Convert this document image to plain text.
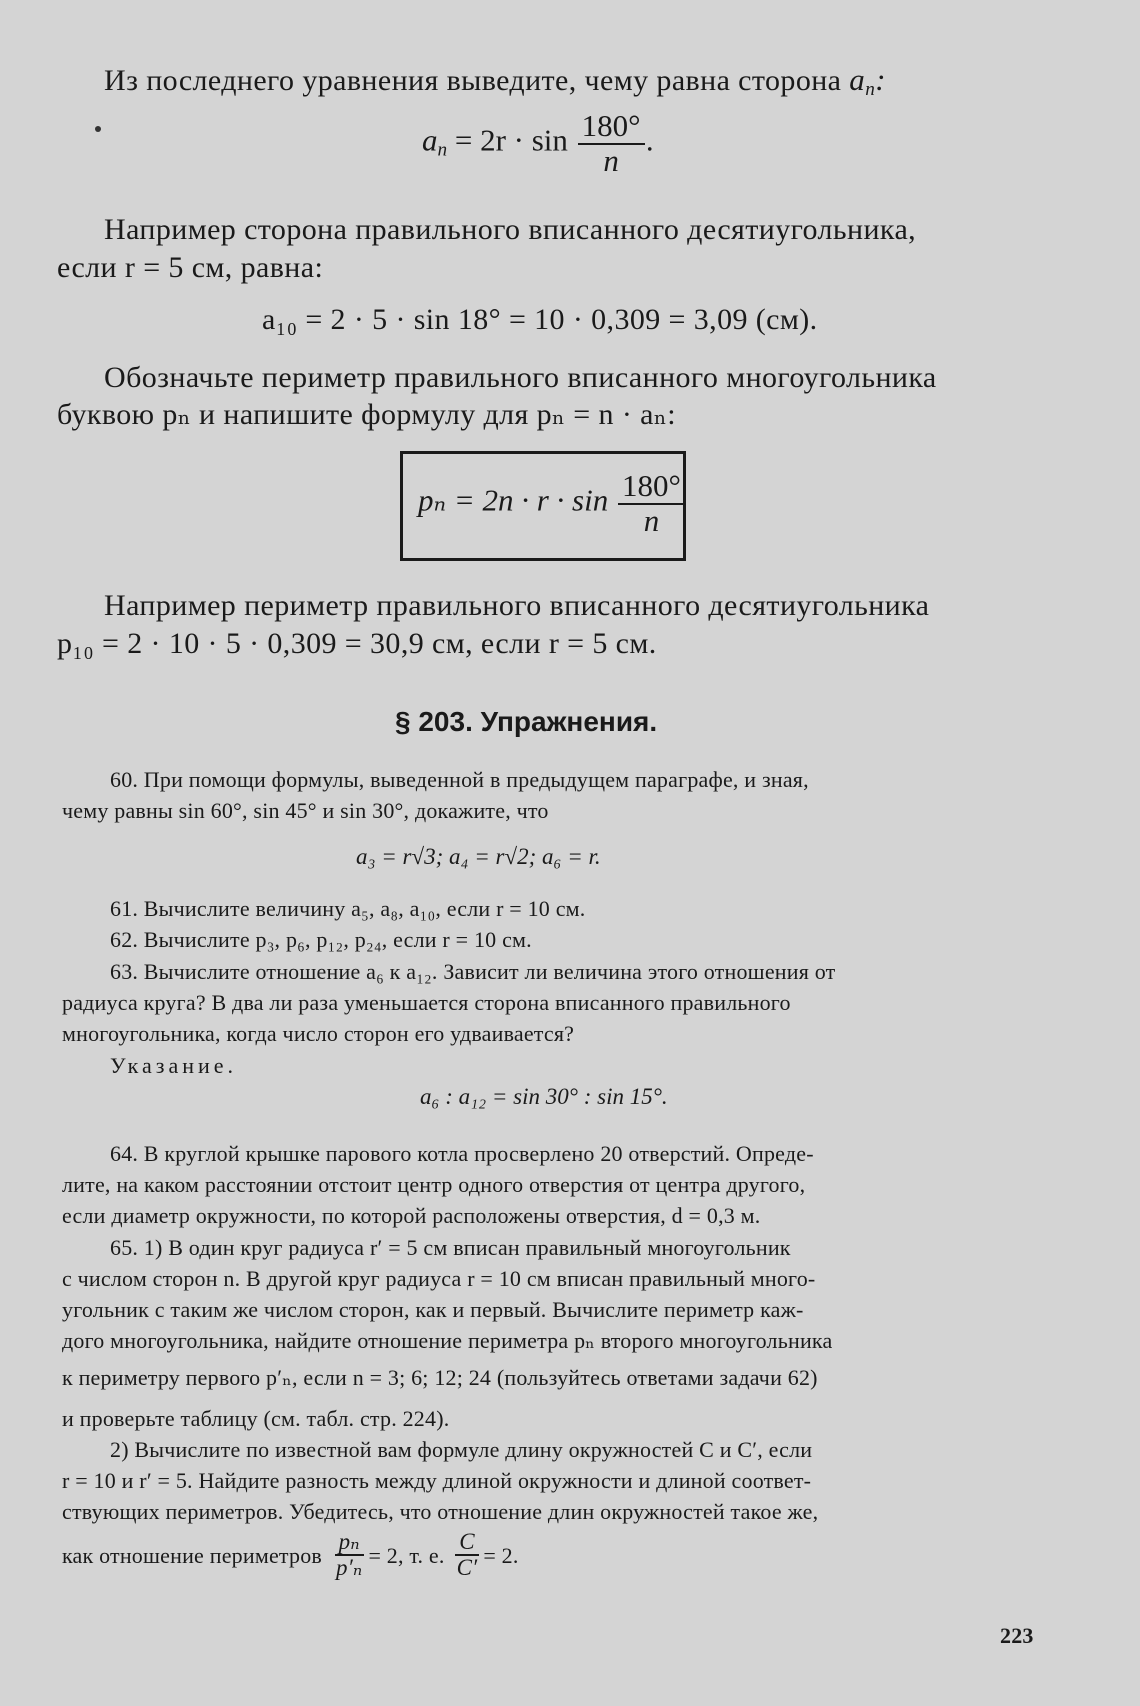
Из последнего уравнения выведите, чему равна сторона $a_n$:
$a_n = 2r \cdot \sin \frac{180^\circ}{n}$ .
Например сторона правильного вписанного десятиугольника,
если r = 5 см, равна:
a₁₀ = 2 · 5 · sin 18° = 10 · 0,309 = 3,09 (см).
Обозначьте периметр правильного вписанного многоугольника
буквою pₙ и напишите формулу для pₙ = n · aₙ:
$p_n = 2n \cdot r \cdot \sin \frac{180^\circ}{n}$
Например периметр правильного вписанного десятиугольника
p₁₀ = 2 · 10 · 5 · 0,309 = 30,9 см, если r = 5 см.
§ 203. Упражнения.
60. При помощи формулы, выведенной в предыдущем параграфе, и зная,
чему равны sin 60°, sin 45° и sin 30°, докажите, что
a₃ = r√3; a₄ = r√2; a₆ = r.
61. Вычислите величину a₅, a₈, a₁₀, если r = 10 см.
62. Вычислите p₃, p₆, p₁₂, p₂₄, если r = 10 см.
63. Вычислите отношение a₆ к a₁₂. Зависит ли величина этого отношения от
радиуса круга? В два ли раза уменьшается сторона вписанного правильного
многоугольника, когда число сторон его удваивается?
Указание.
a₆ : a₁₂ = sin 30° : sin 15°.
64. В круглой крышке парового котла просверлено 20 отверстий. Опреде-
лите, на каком расстоянии отстоит центр одного отверстия от центра другого,
если диаметр окружности, по которой расположены отверстия, d = 0,3 м.
65. 1) В один круг радиуса r′ = 5 см вписан правильный многоугольник
с числом сторон n. В другой круг радиуса r = 10 см вписан правильный много-
угольник с таким же числом сторон, как и первый. Вычислите периметр каж-
дого многоугольника, найдите отношение периметра pₙ второго многоугольника
к периметру первого p′ₙ, если n = 3; 6; 12; 24 (пользуйтесь ответами задачи 62)
и проверьте таблицу (см. табл. стр. 224).
2) Вычислите по известной вам формуле длину окружностей C и C′, если
r = 10 и r′ = 5. Найдите разность между длиной окружности и длиной соответ-
ствующих периметров. Убедитесь, что отношение длин окружностей такое же,
как отношение периметров $\frac{\text{pₙ}}{\text{p′ₙ}} = 2$, т. е. $\frac{C}{C'} = 2$.
223
